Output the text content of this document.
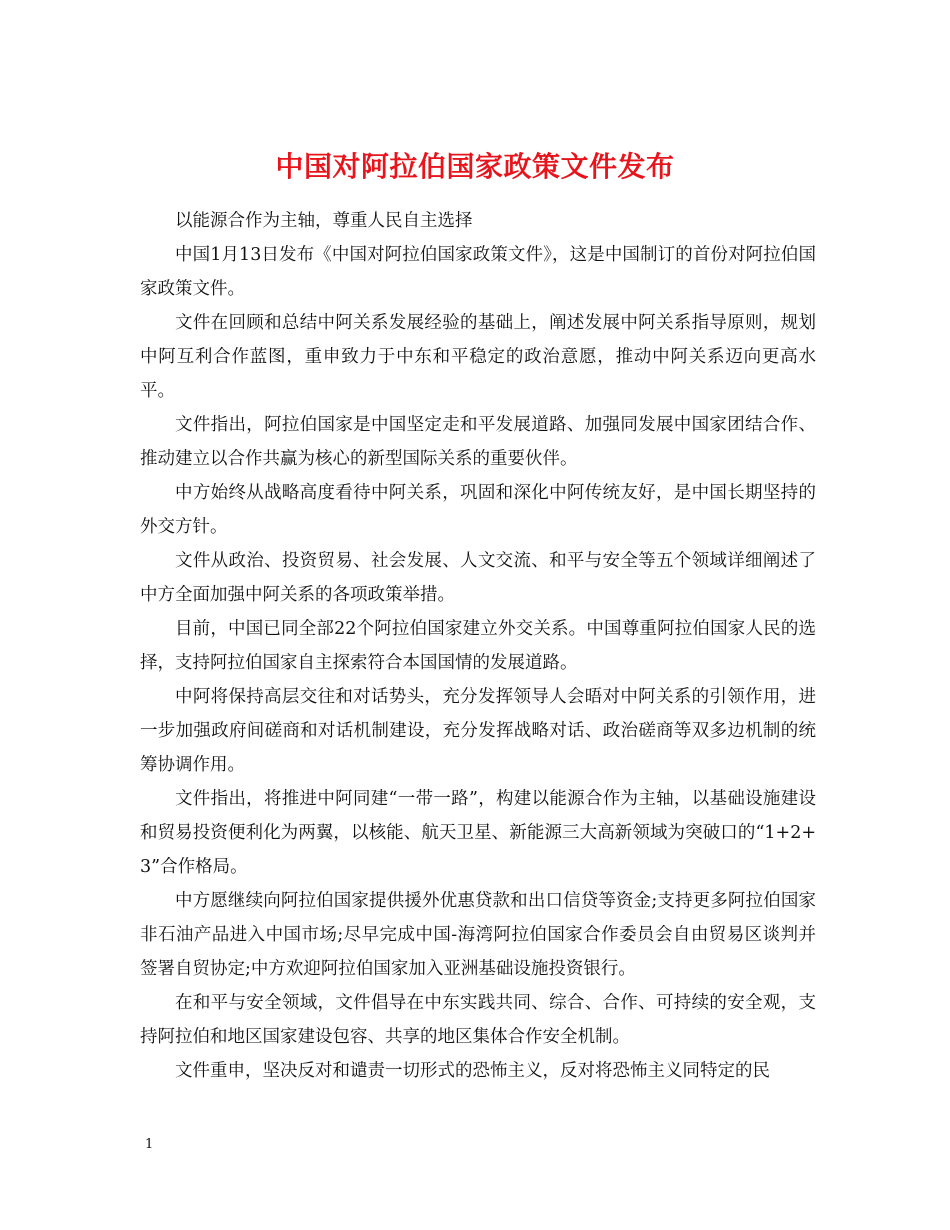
中国对阿拉伯国家政策文件发布

以能源合作为主轴，尊重人民自主选择

中国1月13日发布《中国对阿拉伯国家政策文件》，这是中国制订的首份对阿拉伯国家政策文件。

文件在回顾和总结中阿关系发展经验的基础上，阐述发展中阿关系指导原则，规划中阿互利合作蓝图，重申致力于中东和平稳定的政治意愿，推动中阿关系迈向更高水平。

文件指出，阿拉伯国家是中国坚定走和平发展道路、加强同发展中国家团结合作、推动建立以合作共赢为核心的新型国际关系的重要伙伴。

中方始终从战略高度看待中阿关系，巩固和深化中阿传统友好，是中国长期坚持的外交方针。

文件从政治、投资贸易、社会发展、人文交流、和平与安全等五个领域详细阐述了中方全面加强中阿关系的各项政策举措。

目前，中国已同全部22个阿拉伯国家建立外交关系。中国尊重阿拉伯国家人民的选择，支持阿拉伯国家自主探索符合本国国情的发展道路。

中阿将保持高层交往和对话势头，充分发挥领导人会晤对中阿关系的引领作用，进一步加强政府间磋商和对话机制建设，充分发挥战略对话、政治磋商等双多边机制的统筹协调作用。

文件指出，将推进中阿同建“一带一路”，构建以能源合作为主轴，以基础设施建设和贸易投资便利化为两翼，以核能、航天卫星、新能源三大高新领域为突破口的“1+2+3”合作格局。

中方愿继续向阿拉伯国家提供援外优惠贷款和出口信贷等资金;支持更多阿拉伯国家非石油产品进入中国市场;尽早完成中国-海湾阿拉伯国家合作委员会自由贸易区谈判并签署自贸协定;中方欢迎阿拉伯国家加入亚洲基础设施投资银行。

在和平与安全领域，文件倡导在中东实践共同、综合、合作、可持续的安全观，支持阿拉伯和地区国家建设包容、共享的地区集体合作安全机制。

文件重申，坚决反对和谴责一切形式的恐怖主义，反对将恐怖主义同特定的民

1
